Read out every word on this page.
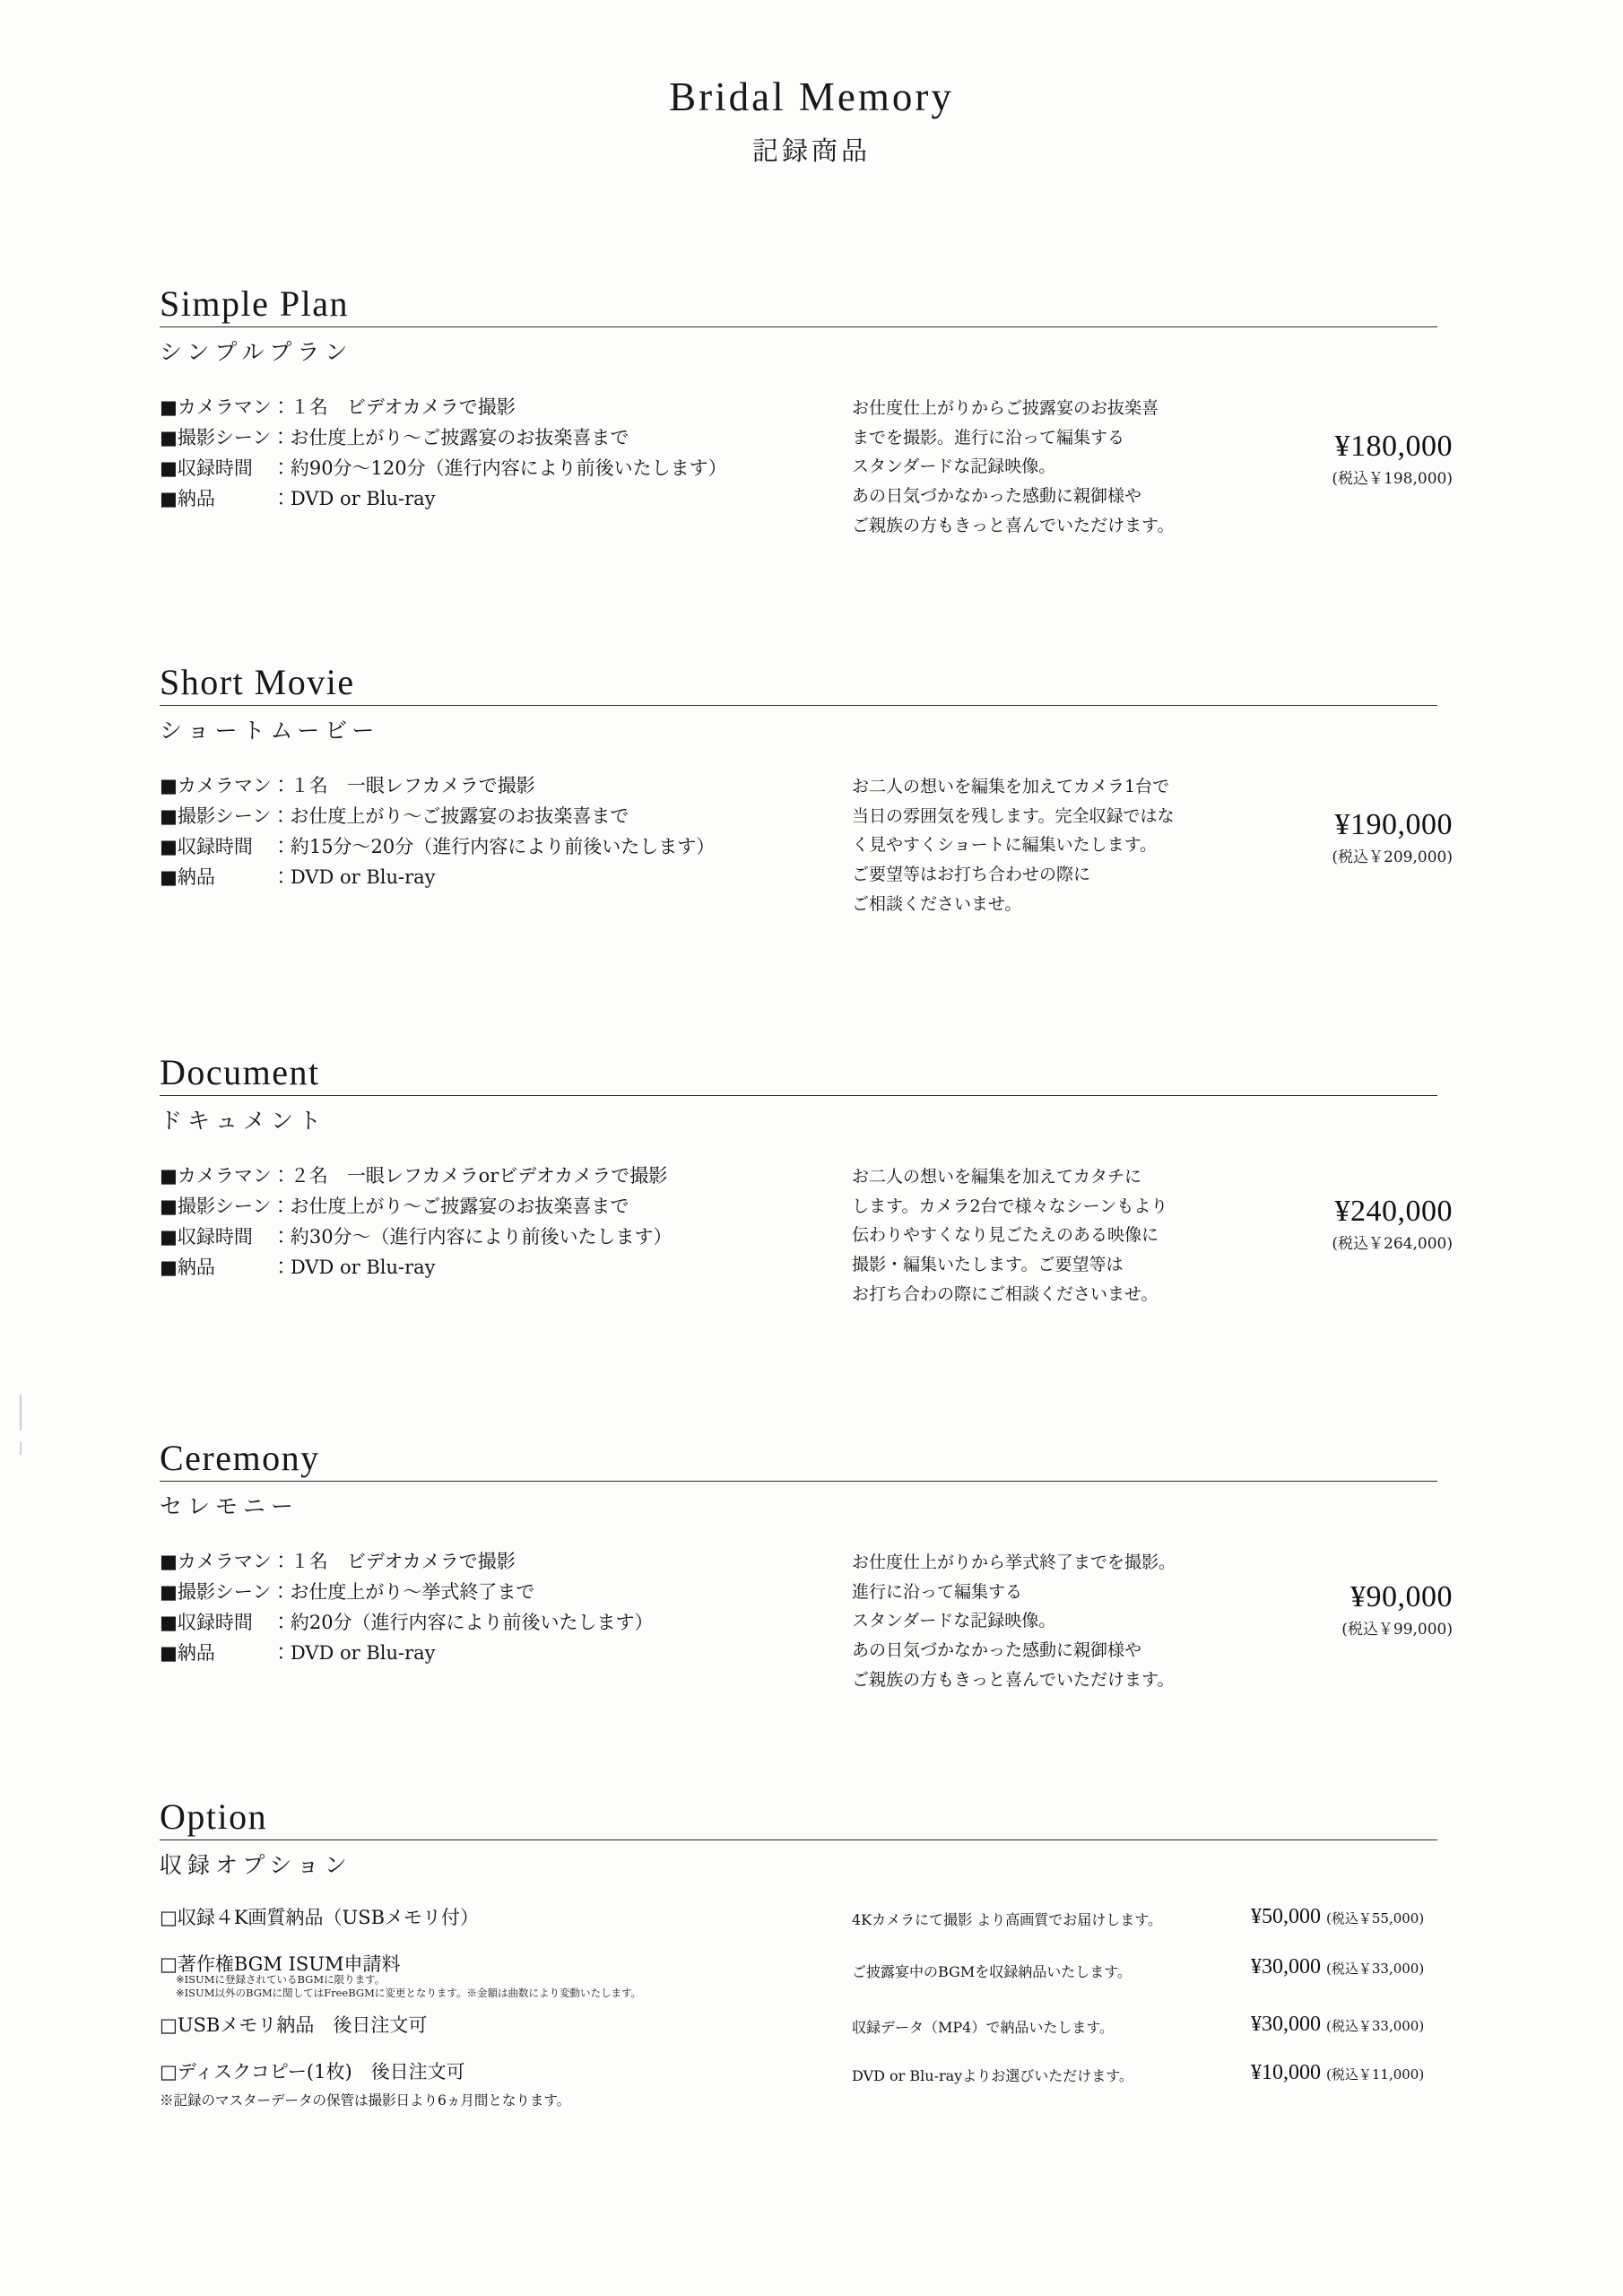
Bridal Memory
記録商品
Simple Plan
シンプルプラン
■カメラマン：１名　ビデオカメラで撮影
■撮影シーン：お仕度上がり〜ご披露宴のお抜楽喜まで
■収録時間　：約90分〜120分（進行内容により前後いたします）
■納品　　　：DVD or Blu-ray
お仕度仕上がりからご披露宴のお抜楽喜
までを撮影。進行に沿って編集する
スタンダードな記録映像。
あの日気づかなかった感動に親御様や
ご親族の方もきっと喜んでいただけます。
¥180,000
(税込￥198,000)
Short Movie
ショートムービー
■カメラマン：１名　一眼レフカメラで撮影
■撮影シーン：お仕度上がり〜ご披露宴のお抜楽喜まで
■収録時間　：約15分〜20分（進行内容により前後いたします）
■納品　　　：DVD or Blu-ray
お二人の想いを編集を加えてカメラ1台で
当日の雰囲気を残します。完全収録ではな
く見やすくショートに編集いたします。
ご要望等はお打ち合わせの際に
ご相談くださいませ。
¥190,000
(税込￥209,000)
Document
ドキュメント
■カメラマン：２名　一眼レフカメラorビデオカメラで撮影
■撮影シーン：お仕度上がり〜ご披露宴のお抜楽喜まで
■収録時間　：約30分〜（進行内容により前後いたします）
■納品　　　：DVD or Blu-ray
お二人の想いを編集を加えてカタチに
します。カメラ2台で様々なシーンもより
伝わりやすくなり見ごたえのある映像に
撮影・編集いたします。ご要望等は
お打ち合わの際にご相談くださいませ。
¥240,000
(税込￥264,000)
Ceremony
セレモニー
■カメラマン：１名　ビデオカメラで撮影
■撮影シーン：お仕度上がり〜挙式終了まで
■収録時間　：約20分（進行内容により前後いたします）
■納品　　　：DVD or Blu-ray
お仕度仕上がりから挙式終了までを撮影。
進行に沿って編集する
スタンダードな記録映像。
あの日気づかなかった感動に親御様や
ご親族の方もきっと喜んでいただけます。
¥90,000
(税込￥99,000)
Option
収録オプション
□収録４K画質納品（USBメモリ付）	4Kカメラにて撮影 より高画質でお届けします。	¥50,000 (税込￥55,000)
□著作権BGM ISUM申請料
※ISUMに登録されているBGMに限ります。
※ISUM以外のBGMに関してはFreeBGMに変更となります。※金額は曲数により変動いたします。
ご披露宴中のBGMを収録納品いたします。	¥30,000 (税込￥33,000)
□USBメモリ納品　後日注文可	収録データ（MP4）で納品いたします。	¥30,000 (税込￥33,000)
□ディスクコピー(1枚)　後日注文可	DVD or Blu-rayよりお選びいただけます。	¥10,000 (税込￥11,000)
※記録のマスターデータの保管は撮影日より6ヵ月間となります。
